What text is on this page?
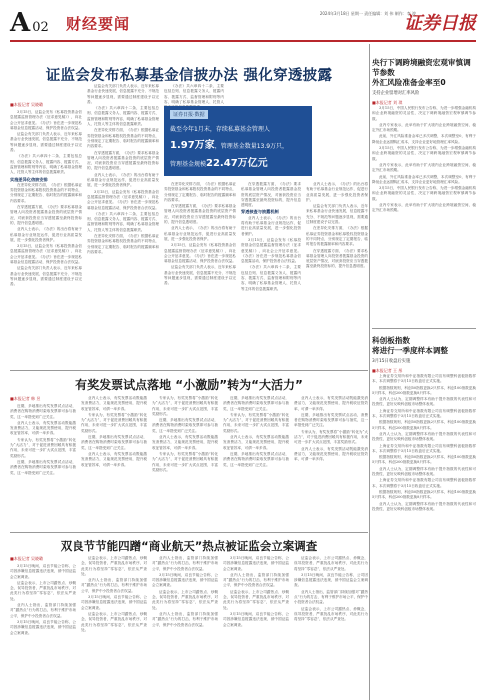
A 02 财经要闻
2024年3月18日 星期一 责任编辑：刘 伟 制作：李 波
证券日报
证监会发布私募基金信披办法 强化穿透披露
■本报记者 吴晓璐

3月15日，证监会发布《私募投资基金信息披露监督管理办法（征求意见稿）》，向社会公开征求意见。《办法》旨在进一步规范私募基金信息披露活动，保护投资者合法权益。

证监会有关部门负责人表示，近年来私募基金行业快速发展，信息披露不充分、不规范等问题逐步显现，需要通过制度建设予以完善。

《办法》共六章四十二条，主要包括总则、信息披露义务人、披露内容、披露方式、监督管理和附则等内容，明确了私募基金管理人、托管人等主体的信息披露职责。

实施差异化信披安排

在差异化安排方面，《办法》根据私募证券投资基金和私募股权投资基金的不同特点，分别规定了定期报告、临时报告的披露频率和内容要求。

在穿透披露方面，《办法》要求私募基金管理人向投资者披露基金投资的底层资产情况，对嵌套投资应当穿透披露至最终投资标的，提升信息透明度。

业内人士表示，《办法》的出台将有助于私募基金行业规范运作，促进行业高质量发展，进一步强化投资者保护。

3月15日，证监会发布《私募投资基金信息披露监督管理办法（征求意见稿）》，向社会公开征求意见。《办法》旨在进一步规范私募基金信息披露活动，保护投资者合法权益。

证监会有关部门负责人表示，近年来私募基金行业快速发展，信息披露不充分、不规范等问题逐步显现，需要通过制度建设予以完善。

证监会有关部门负责人表示，近年来私募基金行业快速发展，信息披露不充分、不规范等问题逐步显现，需要通过制度建设予以完善。

《办法》共六章四十二条，主要包括总则、信息披露义务人、披露内容、披露方式、监督管理和附则等内容，明确了私募基金管理人、托管人等主体的信息披露职责。

在差异化安排方面，《办法》根据私募证券投资基金和私募股权投资基金的不同特点，分别规定了定期报告、临时报告的披露频率和内容要求。

在穿透披露方面，《办法》要求私募基金管理人向投资者披露基金投资的底层资产情况，对嵌套投资应当穿透披露至最终投资标的，提升信息透明度。

业内人士表示，《办法》的出台将有助于私募基金行业规范运作，促进行业高质量发展，进一步强化投资者保护。

3月15日，证监会发布《私募投资基金信息披露监督管理办法（征求意见稿）》，向社会公开征求意见。《办法》旨在进一步规范私募基金信息披露活动，保护投资者合法权益。

《办法》共六章四十二条，主要包括总则、信息披露义务人、披露内容、披露方式、监督管理和附则等内容，明确了私募基金管理人、托管人等主体的信息披露职责。

在差异化安排方面，《办法》根据私募证券投资基金和私募股权投资基金的不同特点，分别规定了定期报告、临时报告的披露频率和内容要求。

《办法》共六章四十二条，主要包括总则、信息披露义务人、披露内容、披露方式、监督管理和附则等内容，明确了私募基金管理人、托管人

在差异化安排方面，《办法》根据私募证券投资基金和私募股权投资基金的不同特点，分别规定了定期报告、临时报告的披露频率和内容要求。

在穿透披露方面，《办法》要求私募基金管理人向投资者披露基金投资的底层资产情况，对嵌套投资应当穿透披露至最终投资标的，提升信息透明度。

业内人士表示，《办法》的出台将有助于私募基金行业规范运作，促进行业高质量发展，进一步强化投资者保护。

3月15日，证监会发布《私募投资基金信息披露监督管理办法（征求意见稿）》，向社会公开征求意见。《办法》旨在进一步规范私募基金信息披露活动，保护投资者合法权益。

证监会有关部门负责人表示，近年来私募基金行业快速发展，信息披露不充分、不规范等问题逐步显现，需要通过制度建设予以完善。

在穿透披露方面，《办法》要求私募基金管理人向投资者披露基金投资的底层资产情况，对嵌套投资应当穿透披露至最终投资标的，提升信息透明度。

穿透核查与披露机制

业内人士表示，《办法》的出台将有助于私募基金行业规范运作，促进行业高质量发展，进一步强化投资者保护。

3月15日，证监会发布《私募投资基金信息披露监督管理办法（征求意见稿）》，向社会公开征求意见。《办法》旨在进一步规范私募基金信息披露活动，保护投资者合法权益。

《办法》共六章四十二条，主要包括总则、信息披露义务人、披露内容、披露方式、监督管理和附则等内容，明确了私募基金管理人、托管人等主体的信息披露职责。

业内人士表示，《办法》的出台将有助于私募基金行业规范运作，促进行业高质量发展，进一步强化投资者保护。

证监会有关部门负责人表示，近年来私募基金行业快速发展，信息披露不充分、不规范等问题逐步显现，需要通过制度建设予以完善。

在差异化安排方面，《办法》根据私募证券投资基金和私募股权投资基金的不同特点，分别规定了定期报告、临时报告的披露频率和内容要求。

在穿透披露方面，《办法》要求私募基金管理人向投资者披露基金投资的底层资产情况，对嵌套投资应当穿透披露至最终投资标的，提升信息透明度。

证券日报·数据
截至今年1月末，存续私募基金管理人
1.97万家，管理基金数量13.9万只，
管理基金规模22.47万亿元
央行下调跨境融资宏观审慎调节参数
外汇风险准备金率至0
支持企业留增对汇率风险
■本报记者 刘 琪

3月15日，中国人民银行发布公告称，为进一步增强金融机构和企业跨境融资的灵活性，决定下调跨境融资宏观审慎调节参数。

业内专家表示，此举有助于扩大境内企业跨境融资空间，稳定外汇市场预期。

此前，外汇风险准备金率已多次调整，本次调整至0，有利于降低企业远期购汇成本，支持企业更好地管理汇率风险。

3月15日，中国人民银行发布公告称，为进一步增强金融机构和企业跨境融资的灵活性，决定下调跨境融资宏观审慎调节参数。

业内专家表示，此举有助于扩大境内企业跨境融资空间，稳定外汇市场预期。

此前，外汇风险准备金率已多次调整，本次调整至0，有利于降低企业远期购汇成本，支持企业更好地管理汇率风险。

3月15日，中国人民银行发布公告称，为进一步增强金融机构和企业跨境融资的灵活性，决定下调跨境融资宏观审慎调节参数。

业内专家表示，此举有助于扩大境内企业跨境融资空间，稳定外汇市场预期。

科创板指数
将进行一季度样本调整
3月15日收盘后实施
■本报记者 王 彤

上海证券交易所和中证指数有限公司宣布调整科创板指数样本，本次调整将于3月15日收盘后正式实施。

根据指数规则，科创50指数更换2只样本，科创100指数更换5只样本，科创200指数更换8只样本。

业内人士认为，定期调整样本有助于提升指数的代表性和可投资性，更好反映科创板市场整体表现。

上海证券交易所和中证指数有限公司宣布调整科创板指数样本，本次调整将于3月15日收盘后正式实施。

根据指数规则，科创50指数更换2只样本，科创100指数更换5只样本，科创200指数更换8只样本。

业内人士认为，定期调整样本有助于提升指数的代表性和可投资性，更好反映科创板市场整体表现。

上海证券交易所和中证指数有限公司宣布调整科创板指数样本，本次调整将于3月15日收盘后正式实施。

根据指数规则，科创50指数更换2只样本，科创100指数更换5只样本，科创200指数更换8只样本。

业内人士认为，定期调整样本有助于提升指数的代表性和可投资性，更好反映科创板市场整体表现。

上海证券交易所和中证指数有限公司宣布调整科创板指数样本，本次调整将于3月15日收盘后正式实施。

根据指数规则，科创50指数更换2只样本，科创100指数更换5只样本，科创200指数更换8只样本。

业内人士认为，定期调整样本有助于提升指数的代表性和可投资性，更好反映科创板市场整体表现。

有奖发票试点落地 “小激励”转为“大活力”
■本报记者 韩 昱

近期，多地推出有奖发票试点活动，消费者在购物消费时索取发票即可参与抽奖，这一举措受到广泛关注。

业内人士表示，有奖发票活动既能激发消费活力，又能规范发票使用，提升税收征管效率，可谓一举多得。

专家认为，有奖发票将“小激励”转化为“大活力”，对于促进消费回暖具有积极作用，未来可进一步扩大试点范围，丰富奖励形式。

近期，多地推出有奖发票试点活动，消费者在购物消费时索取发票即可参与抽奖，这一举措受到广泛关注。

业内人士表示，有奖发票活动既能激发消费活力，又能规范发票使用，提升税收征管效率，可谓一举多得。

专家认为，有奖发票将“小激励”转化为“大活力”，对于促进消费回暖具有积极作用，未来可进一步扩大试点范围，丰富奖励形式。

近期，多地推出有奖发票试点活动，消费者在购物消费时索取发票即可参与抽奖，这一举措受到广泛关注。

业内人士表示，有奖发票活动既能激发消费活力，又能规范发票使用，提升税收征管效率，可谓一举多得。

专家认为，有奖发票将“小激励”转化为“大活力”，对于促进消费回暖具有积极作用，未来可进一步扩大试点范围，丰富奖励形式。

近期，多地推出有奖发票试点活动，消费者在购物消费时索取发票即可参与抽奖，这一举措受到广泛关注。

业内人士表示，有奖发票活动既能激发消费活力，又能规范发票使用，提升税收征管效率，可谓一举多得。

专家认为，有奖发票将“小激励”转化为“大活力”，对于促进消费回暖具有积极作用，未来可进一步扩大试点范围，丰富奖励形式。

近期，多地推出有奖发票试点活动，消费者在购物消费时索取发票即可参与抽奖，这一举措受到广泛关注。

专家认为，有奖发票将“小激励”转化为“大活力”，对于促进消费回暖具有积极作用，未来可进一步扩大试点范围，丰富奖励形式。

业内人士表示，有奖发票活动既能激发消费活力，又能规范发票使用，提升税收征管效率，可谓一举多得。

近期，多地推出有奖发票试点活动，消费者在购物消费时索取发票即可参与抽奖，这一举措受到广泛关注。

业内人士表示，有奖发票活动既能激发消费活力，又能规范发票使用，提升税收征管效率，可谓一举多得。

近期，多地推出有奖发票试点活动，消费者在购物消费时索取发票即可参与抽奖，这一举措受到广泛关注。

专家认为，有奖发票将“小激励”转化为“大活力”，对于促进消费回暖具有积极作用，未来可进一步扩大试点范围，丰富奖励形式。

业内人士表示，有奖发票活动既能激发消费活力，又能规范发票使用，提升税收征管效率，可谓一举多得。

双良节节能四蹭“商业航天”热点被证监会立案调查
■本报记者 吴晓璐

3月15日晚间，双良节能公告称，公司因涉嫌信息披露违法违规，被中国证监会立案调查。

证监会表示，上市公司蹭热点、炒概念，误导投资者，严重扰乱市场秩序，对此类行为将坚持“零容忍”，依法从严查处。

业内人士指出，监管部门持续加强对“蹭热点”行为的打击，有利于维护市场公平，保护中小投资者合法权益。

3月15日晚间，双良节能公告称，公司因涉嫌信息披露违法违规，被中国证监会立案调查。

证监会表示，上市公司蹭热点、炒概念，误导投资者，严重扰乱市场秩序，对此类行为将坚持“零容忍”，依法从严查处。

业内人士指出，监管部门持续加强对“蹭热点”行为的打击，有利于维护市场公平，保护中小投资者合法权益。

3月15日晚间，双良节能公告称，公司因涉嫌信息披露违法违规，被中国证监会立案调查。

证监会表示，上市公司蹭热点、炒概念，误导投资者，严重扰乱市场秩序，对此类行为将坚持“零容忍”，依法从严查处。

业内人士指出，监管部门持续加强对“蹭热点”行为的打击，有利于维护市场公平，保护中小投资者合法权益。

3月15日晚间，双良节能公告称，公司因涉嫌信息披露违法违规，被中国证监会立案调查。

证监会表示，上市公司蹭热点、炒概念，误导投资者，严重扰乱市场秩序，对此类行为将坚持“零容忍”，依法从严查处。

业内人士指出，监管部门持续加强对“蹭热点”行为的打击，有利于维护市场公平，保护中小投资者合法权益。

3月15日晚间，双良节能公告称，公司因涉嫌信息披露违法违规，被中国证监会立案调查。

业内人士指出，监管部门持续加强对“蹭热点”行为的打击，有利于维护市场公平，保护中小投资者合法权益。

证监会表示，上市公司蹭热点、炒概念，误导投资者，严重扰乱市场秩序，对此类行为将坚持“零容忍”，依法从严查处。

3月15日晚间，双良节能公告称，公司因涉嫌信息披露违法违规，被中国证监会立案调查。

证监会表示，上市公司蹭热点、炒概念，误导投资者，严重扰乱市场秩序，对此类行为将坚持“零容忍”，依法从严查处。

3月15日晚间，双良节能公告称，公司因涉嫌信息披露违法违规，被中国证监会立案调查。

业内人士指出，监管部门持续加强对“蹭热点”行为的打击，有利于维护市场公平，保护中小投资者合法权益。

证监会表示，上市公司蹭热点、炒概念，误导投资者，严重扰乱市场秩序，对此类行为将坚持“零容忍”，依法从严查处。
